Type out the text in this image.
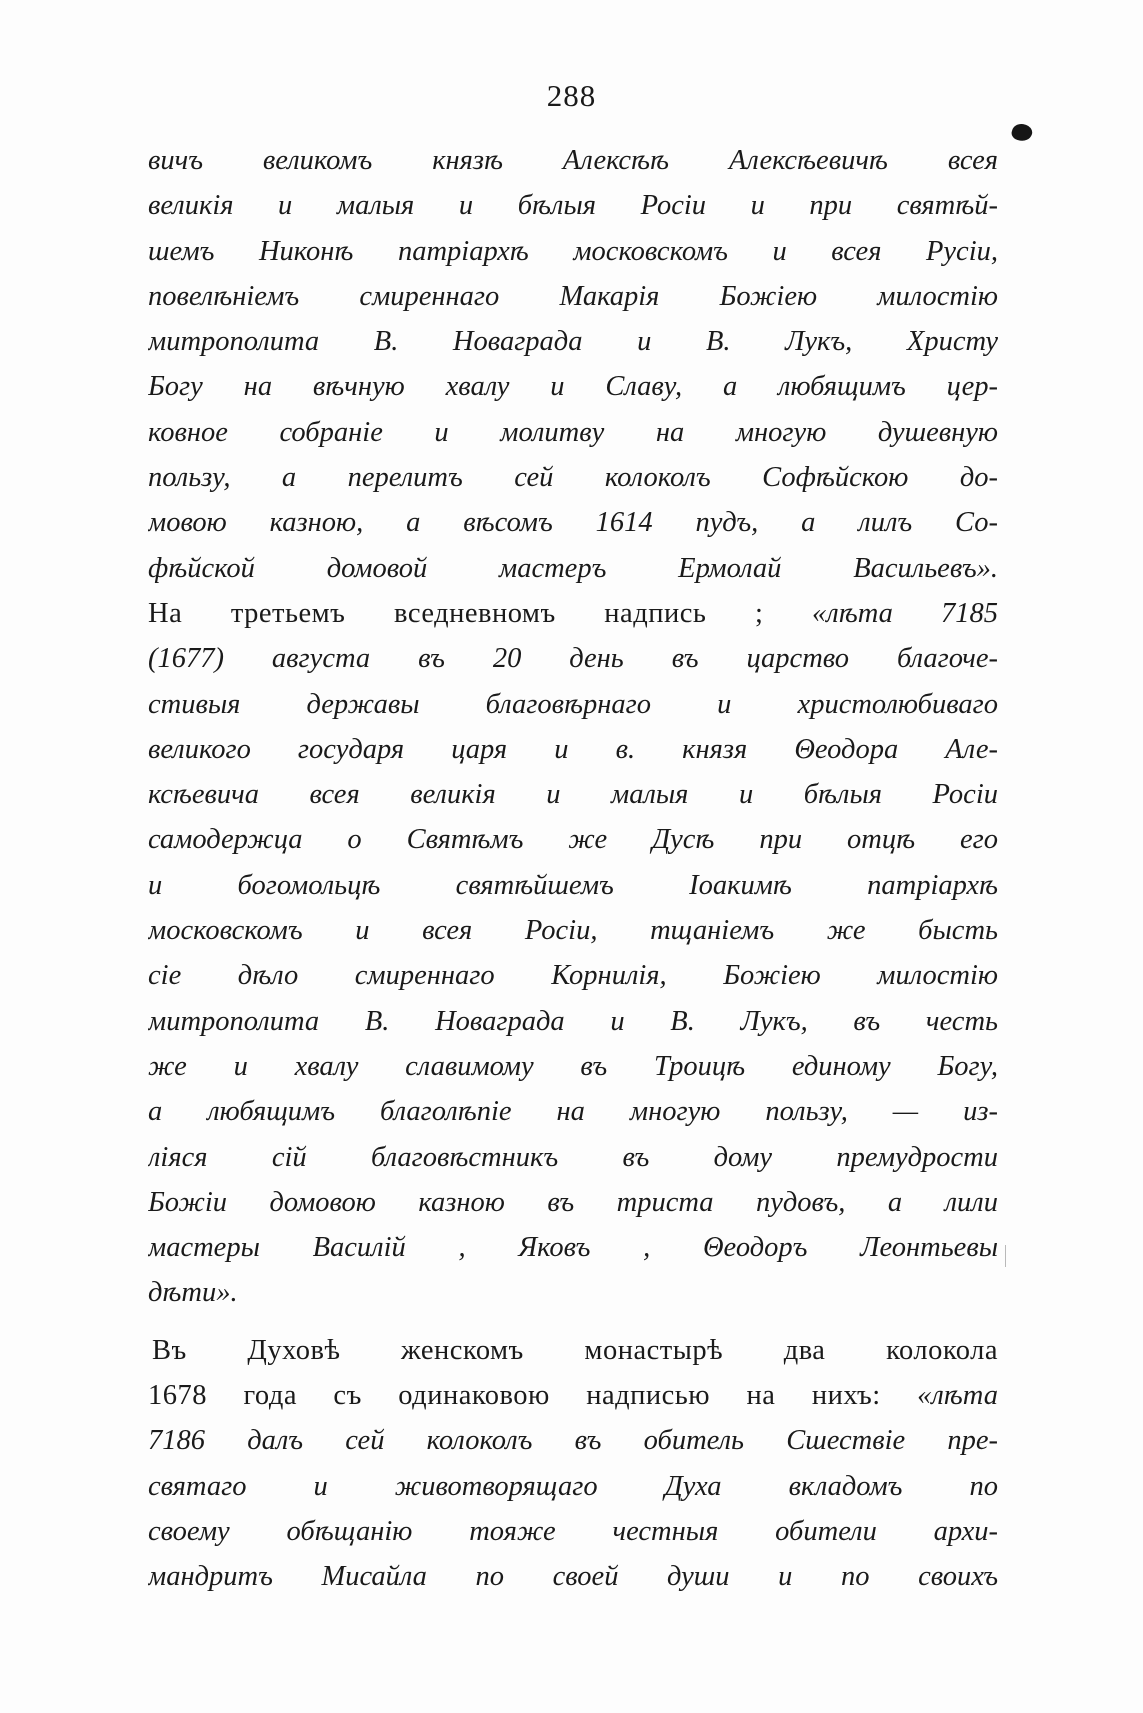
288
вичъ великомъ князѣ Алексѣѣ Алексѣевичѣ всея
великія и малыя и бѣлыя Росіи и при святѣй-
шемъ Никонѣ патріархѣ московскомъ и всея Русіи,
повелѣніемъ смиреннаго Макарія Божіею милостію
митрополита В. Новаграда и В. Лукъ, Христу
Богу на вѣчную хвалу и Славу, а любящимъ цер-
ковное собраніе и молитву на многую душевную
пользу, а перелитъ сей колоколъ Софѣйскою до-
мовою казною, а вѣсомъ 1614 пудъ, а лилъ Со-
фѣйской домовой мастеръ Ермолай Васильевъ».
На третьемъ вседневномъ надпись ; «лѣта 7185
(1677) августа въ 20 день въ царство благоче-
стивыя державы благовѣрнаго и христолюбиваго
великого государя царя и в. князя Θеодора Але-
ксѣевича всея великія и малыя и бѣлыя Росіи
самодержца о Святѣмъ же Дусѣ при отцѣ его
и богомольцѣ святѣйшемъ Іоакимѣ патріархѣ
московскомъ и всея Росіи, тщаніемъ же бысть
сіе дѣло смиреннаго Корнилія, Божіею милостію
митрополита В. Новаграда и В. Лукъ, въ честь
же и хвалу славимому въ Троицѣ единому Богу,
а любящимъ благолѣпіе на многую пользу, — из-
ліяся сій благовѣстникъ въ дому премудрости
Божіи домовою казною въ триста пудовъ, а лили
мастеры Василій , Яковъ , Θеодоръ Леонтьевы
дѣти».
Въ Духовѣ женскомъ монастырѣ два колокола
1678 года съ одинаковою надписью на нихъ: «лѣта
7186 далъ сей колоколъ въ обитель Сшествіе пре-
святаго и животворящаго Духа вкладомъ по
своему обѣщанію тояже честныя обители архи-
мандритъ Мисайла по своей души и по своихъ
